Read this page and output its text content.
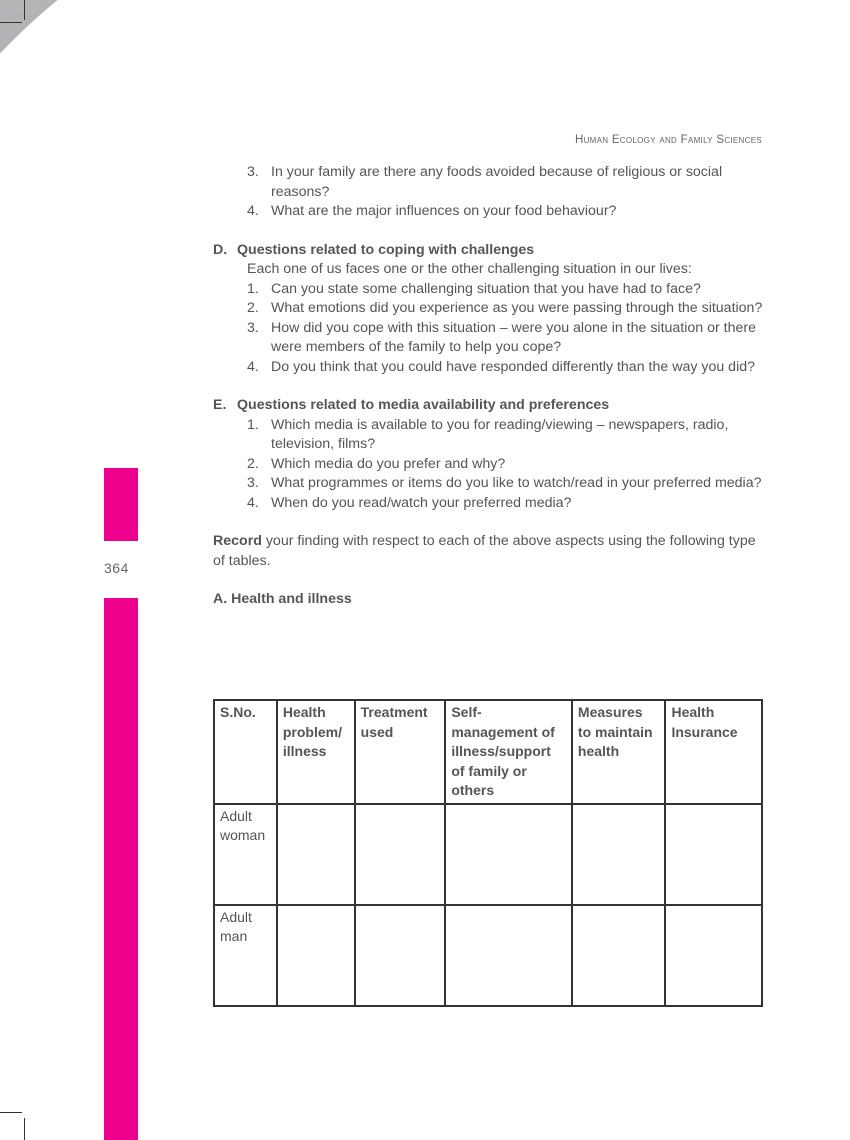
364
Human Ecology and Family Sciences
3. In your family are there any foods avoided because of religious or social reasons?
4. What are the major influences on your food behaviour?
D. Questions related to coping with challenges
Each one of us faces one or the other challenging situation in our lives:
1. Can you state some challenging situation that you have had to face?
2. What emotions did you experience as you were passing through the situation?
3. How did you cope with this situation – were you alone in the situation or there were members of the family to help you cope?
4. Do you think that you could have responded differently than the way you did?
E. Questions related to media availability and preferences
1. Which media is available to you for reading/viewing – newspapers, radio, television, films?
2. Which media do you prefer and why?
3. What programmes or items do you like to watch/read in your preferred media?
4. When do you read/watch your preferred media?
Record your finding with respect to each of the above aspects using the following type of tables.
A. Health and illness
S.No.	Health problem/ illness	Treatment used	Self-management of illness/support of family or others	Measures to maintain health	Health Insurance
Adult woman					
Adult man					
